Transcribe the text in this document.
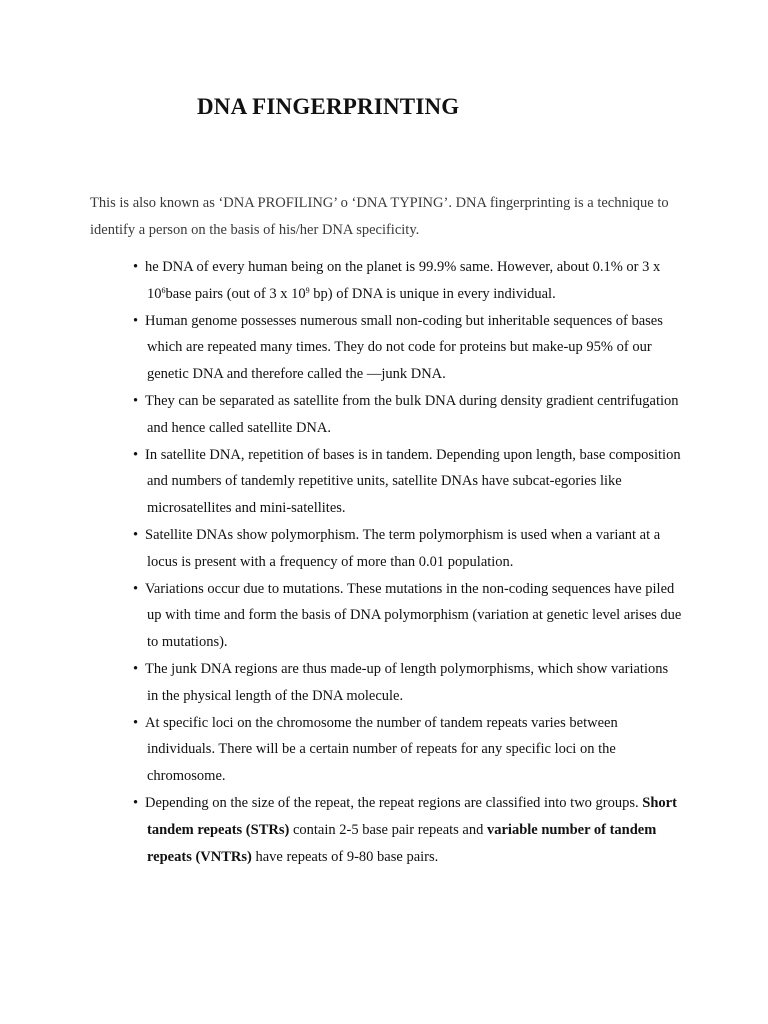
DNA FINGERPRINTING

This is also known as ‘DNA PROFILING’ o ‘DNA TYPING’. DNA fingerprinting is a technique to identify a person on the basis of his/her DNA specificity.

• he DNA of every human being on the planet is 99.9% same. However, about 0.1% or 3 x $10^6base$ pairs (out of 3 x $10^9$ bp) of DNA is unique in every individual.
• Human genome possesses numerous small non-coding but inheritable sequences of bases which are repeated many times. They do not code for proteins but make-up 95% of our genetic DNA and therefore called the —junk DNA.
• They can be separated as satellite from the bulk DNA during density gradient centrifugation and hence called satellite DNA.
• In satellite DNA, repetition of bases is in tandem. Depending upon length, base composition and numbers of tandemly repetitive units, satellite DNAs have subcat-egories like microsatellites and mini-satellites.
• Satellite DNAs show polymorphism. The term polymorphism is used when a variant at a locus is present with a frequency of more than 0.01 population.
• Variations occur due to mutations. These mutations in the non-coding sequences have piled up with time and form the basis of DNA polymorphism (variation at genetic level arises due to mutations).
• The junk DNA regions are thus made-up of length polymorphisms, which show variations in the physical length of the DNA molecule.
• At specific loci on the chromosome the number of tandem repeats varies between individuals. There will be a certain number of repeats for any specific loci on the chromosome.
• Depending on the size of the repeat, the repeat regions are classified into two groups. Short tandem repeats (STRs) contain 2-5 base pair repeats and variable number of tandem repeats (VNTRs) have repeats of 9-80 base pairs.
